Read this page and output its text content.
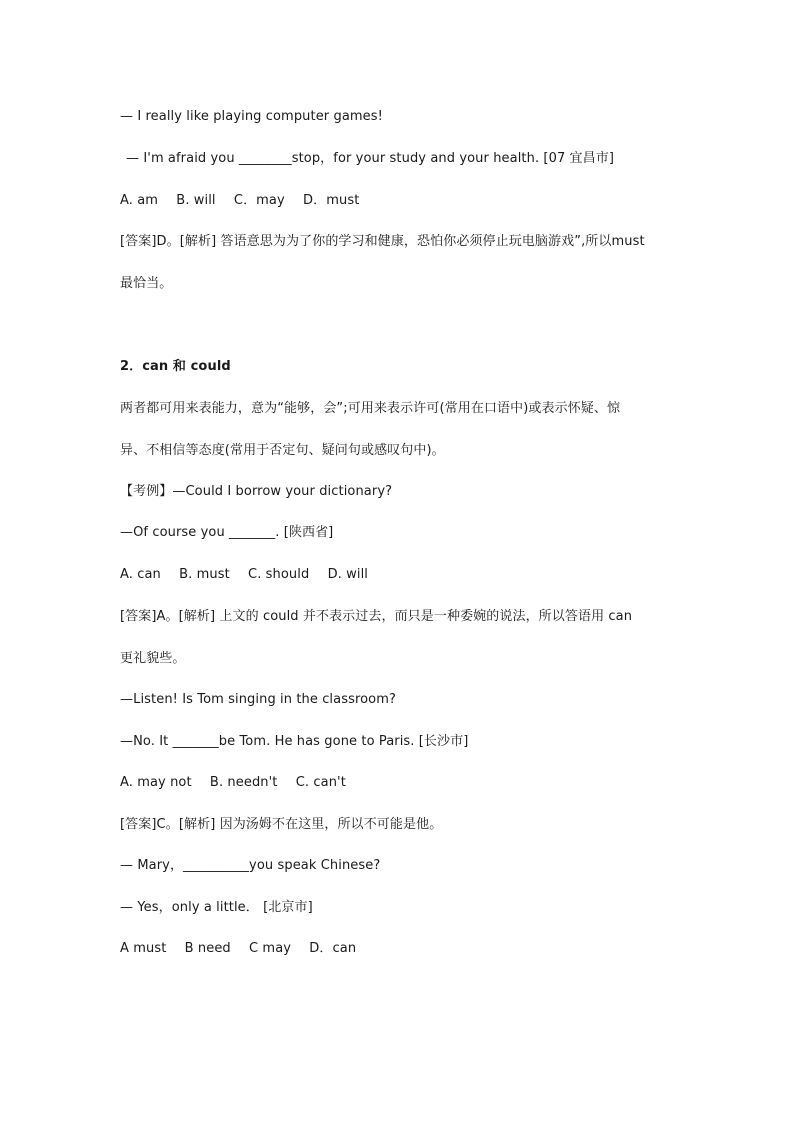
— I really like playing computer games!
— I'm afraid you ________stop，for your study and your health. [07 宜昌市]
A. am B. will C．may D．must
[答案]D。[解析] 答语意思为为了你的学习和健康，恐怕你必须停止玩电脑游戏”,所以must
最恰当。
2．can 和 could
两者都可用来表能力，意为“能够，会”;可用来表示许可(常用在口语中)或表示怀疑、惊
异、不相信等态度(常用于否定句、疑问句或感叹句中)。
【考例】—Could I borrow your dictionary?
—Of course you _______. [陕西省]
A. can B. must C. should D. will
[答案]A。[解析] 上文的 could 并不表示过去，而只是一种委婉的说法，所以答语用 can
更礼貌些。
—Listen! Is Tom singing in the classroom?
—No. It _______be Tom. He has gone to Paris. [长沙市]
A. may not B. needn't C. can't
[答案]C。[解析] 因为汤姆不在这里，所以不可能是他。
— Mary，__________you speak Chinese?
— Yes，only a little． [北京市]
A must B need C may D．can
